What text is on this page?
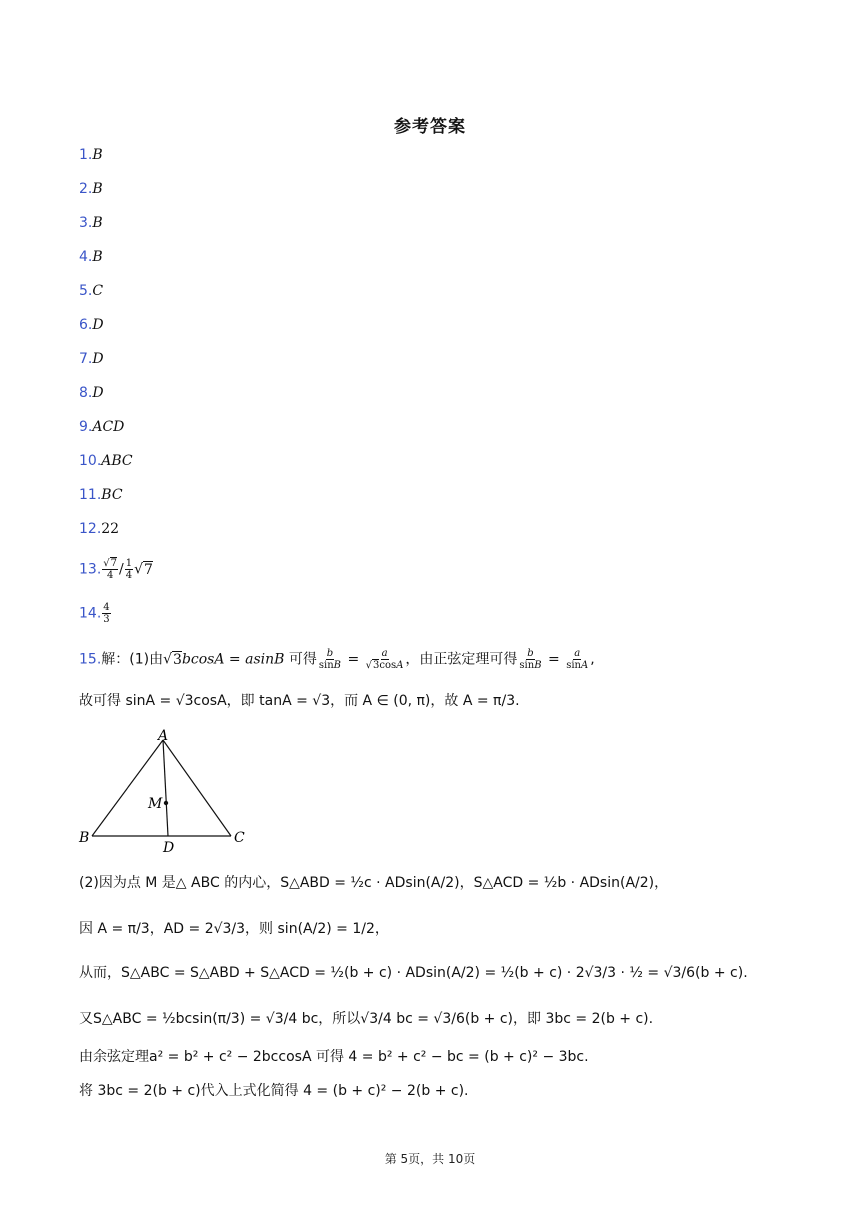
参考答案
1.B
2.B
3.B
4.B
5.C
6.D
7.D
8.D
9.ACD
10.ABC
11.BC
12.22
13. $\frac{√7}{4} / \frac{1}{4} √7$
14. $\frac{4}{3}$
15.解：(1)由√3bcosA = asinB 可得 $\frac{b}{\sin B} = \frac{a}{√3\cos A}$ ，由正弦定理可得 $\frac{b}{\sin B} = \frac{a}{\sin A}$ ,
故可得 sinA = √3cosA，即 tanA = √3，而 A ∈ (0, π)，故 A = π/3.
A
B	C
D
M
(2)因为点 M 是△ ABC 的内心，S△ABD = ½c · ADsin(A/2)，S△ACD = ½b · ADsin(A/2)，
因 A = π/3，AD = 2√3/3，则 sin(A/2) = 1/2，
从而，S△ABC = S△ABD + S△ACD = ½(b + c) · ADsin(A/2) = ½(b + c) · 2√3/3 · ½ = √3/6(b + c).
又S△ABC = ½bcsin(π/3) = √3/4 bc，所以√3/4 bc = √3/6(b + c)，即 3bc = 2(b + c).
由余弦定理a² = b² + c² − 2bccosA 可得 4 = b² + c² − bc = (b + c)² − 3bc.
将 3bc = 2(b + c)代入上式化简得 4 = (b + c)² − 2(b + c).
第 5页，共 10页
